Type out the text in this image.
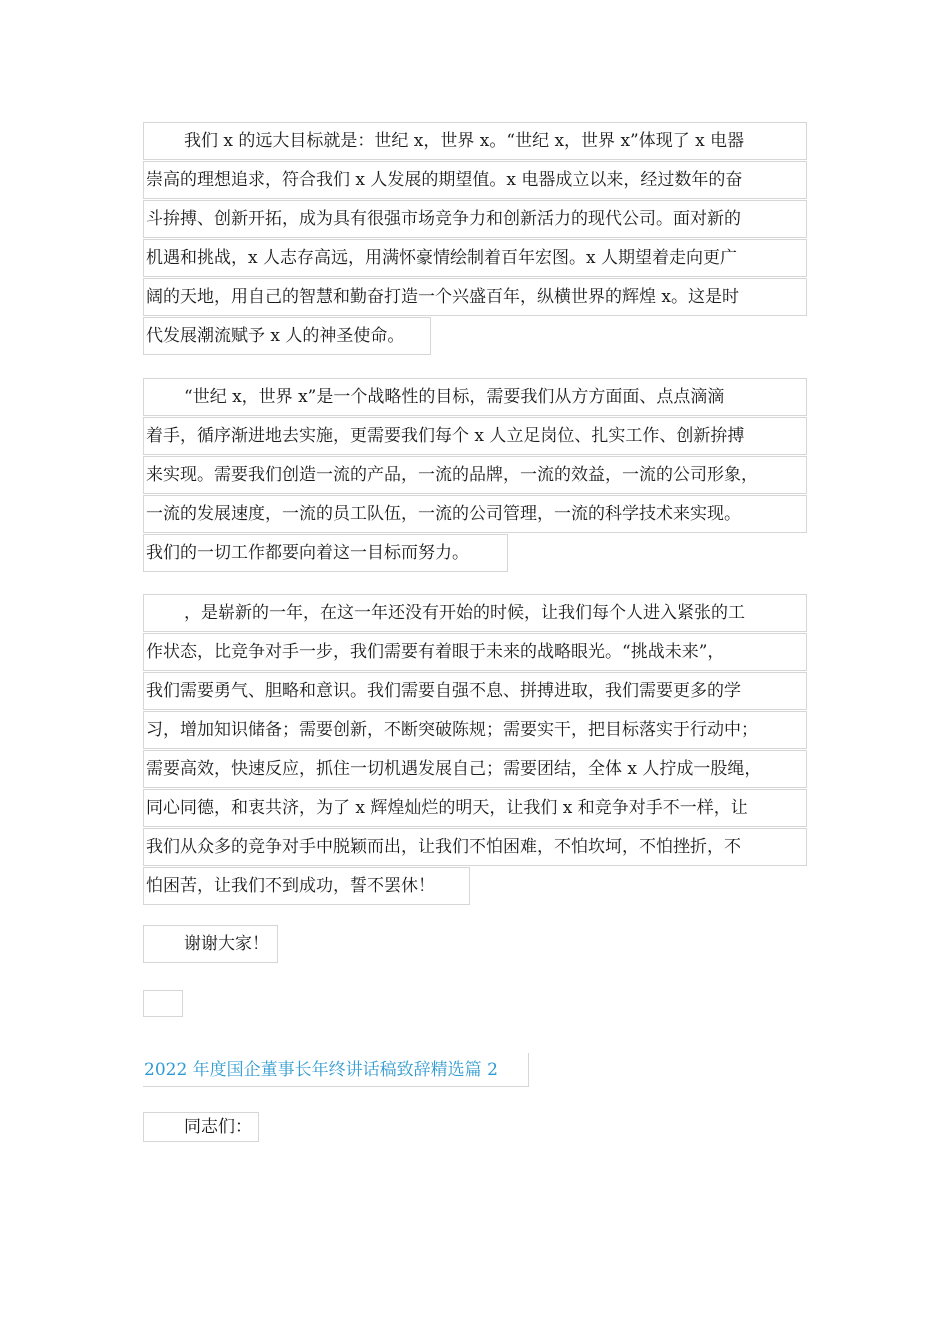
我们 x 的远大目标就是：世纪 x，世界 x。“世纪 x，世界 x”体现了 x 电器
崇高的理想追求，符合我们 x 人发展的期望值。x 电器成立以来，经过数年的奋
斗拚搏、创新开拓，成为具有很强市场竞争力和创新活力的现代公司。面对新的
机遇和挑战，x 人志存高远，用满怀豪情绘制着百年宏图。x 人期望着走向更广
阔的天地，用自己的智慧和勤奋打造一个兴盛百年，纵横世界的辉煌 x。这是时
代发展潮流赋予 x 人的神圣使命。
“世纪 x，世界 x”是一个战略性的目标，需要我们从方方面面、点点滴滴
着手，循序渐进地去实施，更需要我们每个 x 人立足岗位、扎实工作、创新拚搏
来实现。需要我们创造一流的产品，一流的品牌，一流的效益，一流的公司形象，
一流的发展速度，一流的员工队伍，一流的公司管理，一流的科学技术来实现。
我们的一切工作都要向着这一目标而努力。
，是崭新的一年，在这一年还没有开始的时候，让我们每个人进入紧张的工
作状态，比竞争对手一步，我们需要有着眼于未来的战略眼光。“挑战未来”，
我们需要勇气、胆略和意识。我们需要自强不息、拼搏进取，我们需要更多的学
习，增加知识储备；需要创新，不断突破陈规；需要实干，把目标落实于行动中；
需要高效，快速反应，抓住一切机遇发展自己；需要团结，全体 x 人拧成一股绳，
同心同德，和衷共济，为了 x 辉煌灿烂的明天，让我们 x 和竞争对手不一样，让
我们从众多的竞争对手中脱颖而出，让我们不怕困难，不怕坎坷，不怕挫折，不
怕困苦，让我们不到成功，誓不罢休！
谢谢大家！
2022 年度国企董事长年终讲话稿致辞精选篇 2
同志们：
